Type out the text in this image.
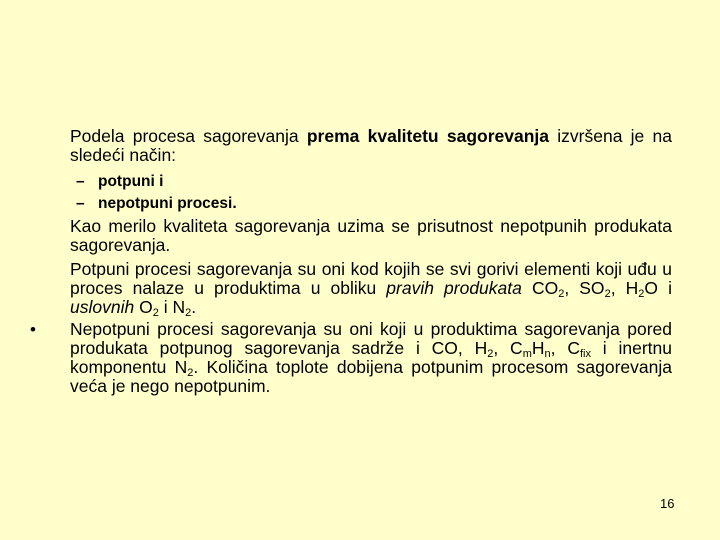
Podela procesa sagorevanja prema kvalitetu sagorevanja izvršena je na sledeći način:
– potpuni i
– nepotpuni procesi.
Kao merilo kvaliteta sagorevanja uzima se prisutnost nepotpunih produkata sagorevanja.
Potpuni procesi sagorevanja su oni kod kojih se svi gorivi elementi koji uđu u proces nalaze u produktima u obliku pravih produkata $CO_2$, $SO_2$, $H_2O$ i uslovnih $O_2$ i $N_2$.
• Nepotpuni procesi sagorevanja su oni koji u produktima sagorevanja pored produkata potpunog sagorevanja sadrže i CO, $H_2$, $C_mH_n$, $C_{fix}$ i inertnu komponentu $N_2$. Količina toplote dobijena potpunim procesom sagorevanja veća je nego nepotpunim.
16
